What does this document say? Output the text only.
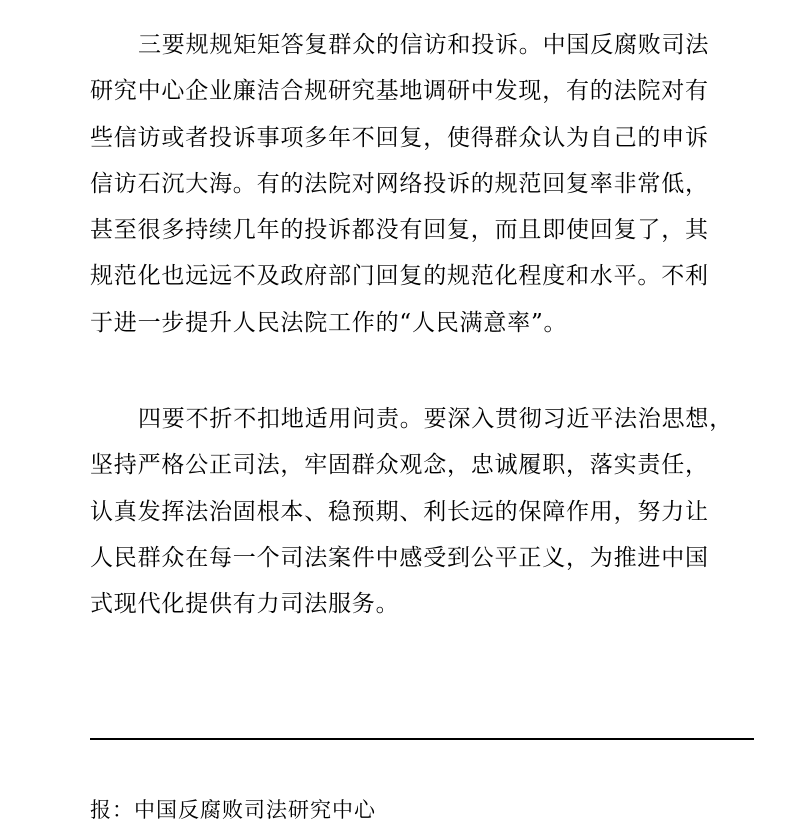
三要规规矩矩答复群众的信访和投诉。中国反腐败司法
研究中心企业廉洁合规研究基地调研中发现，有的法院对有
些信访或者投诉事项多年不回复，使得群众认为自己的申诉
信访石沉大海。有的法院对网络投诉的规范回复率非常低，
甚至很多持续几年的投诉都没有回复，而且即使回复了，其
规范化也远远不及政府部门回复的规范化程度和水平。不利
于进一步提升人民法院工作的“人民满意率”。
四要不折不扣地适用问责。要深入贯彻习近平法治思想，
坚持严格公正司法，牢固群众观念，忠诚履职，落实责任，
认真发挥法治固根本、稳预期、利长远的保障作用，努力让
人民群众在每一个司法案件中感受到公平正义，为推进中国
式现代化提供有力司法服务。
报：中国反腐败司法研究中心
